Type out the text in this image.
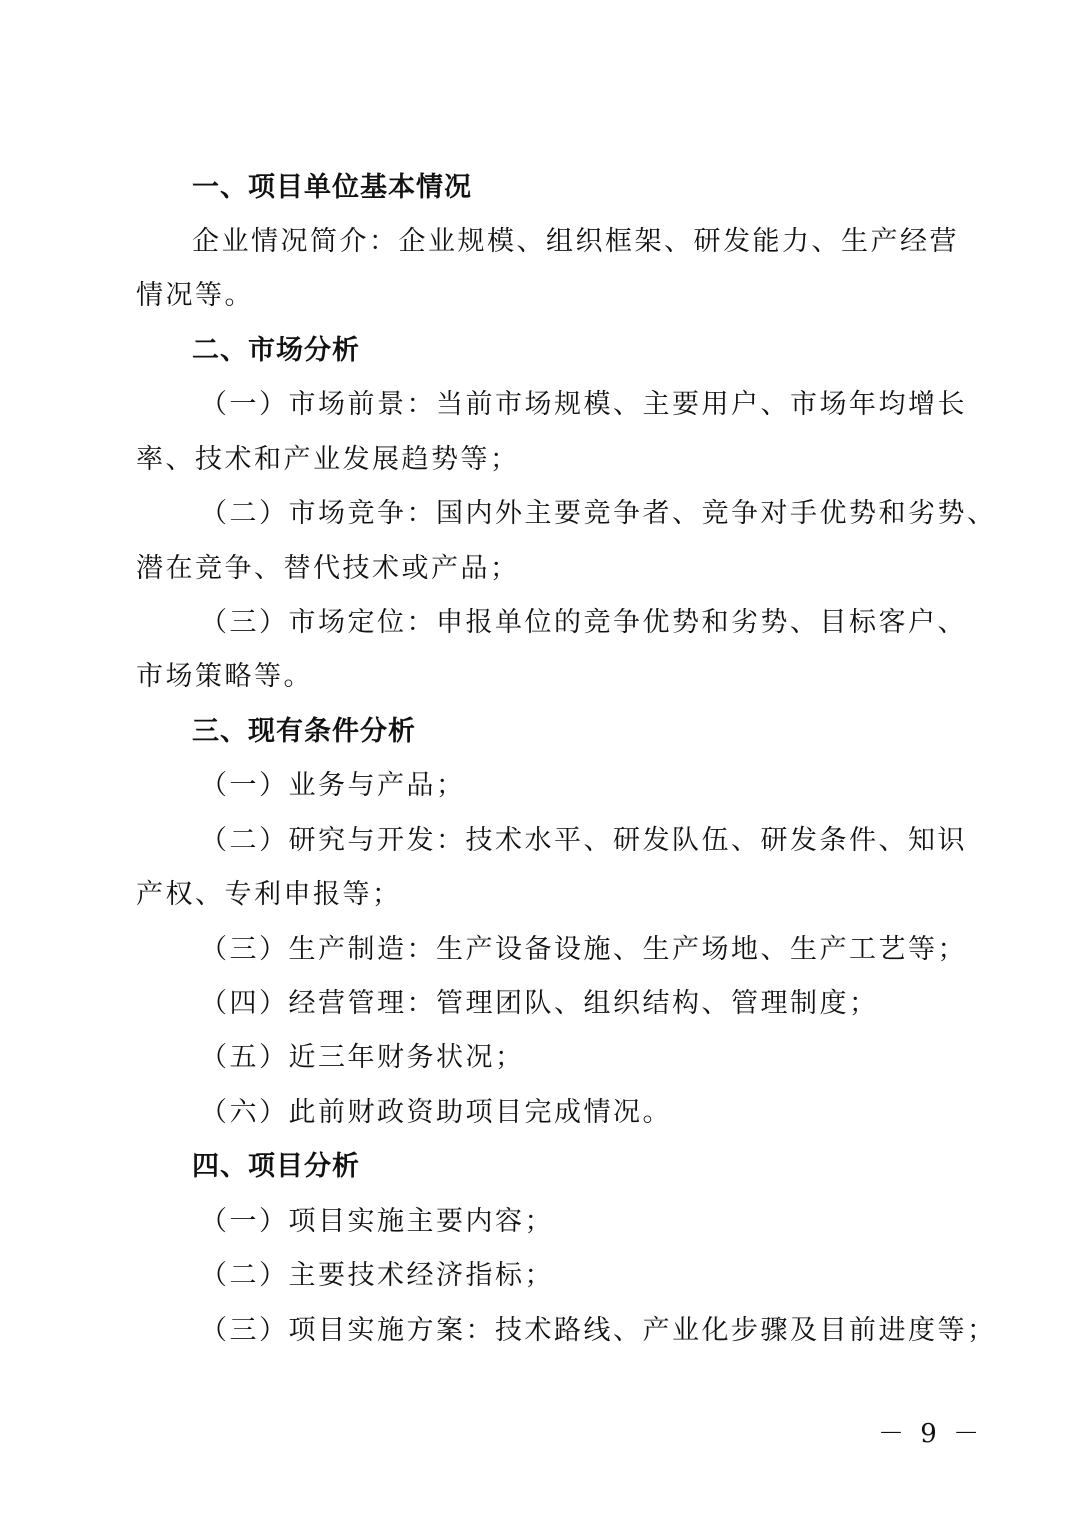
一、项目单位基本情况
企业情况简介：企业规模、组织框架、研发能力、生产经营
情况等。
二、市场分析
（一）市场前景：当前市场规模、主要用户、市场年均增长
率、技术和产业发展趋势等；
（二）市场竞争：国内外主要竞争者、竞争对手优势和劣势、
潜在竞争、替代技术或产品；
（三）市场定位：申报单位的竞争优势和劣势、目标客户、
市场策略等。
三、现有条件分析
（一）业务与产品；
（二）研究与开发：技术水平、研发队伍、研发条件、知识
产权、专利申报等；
（三）生产制造：生产设备设施、生产场地、生产工艺等；
（四）经营管理：管理团队、组织结构、管理制度；
（五）近三年财务状况；
（六）此前财政资助项目完成情况。
四、项目分析
（一）项目实施主要内容；
（二）主要技术经济指标；
（三）项目实施方案：技术路线、产业化步骤及目前进度等；
－ 9 －
